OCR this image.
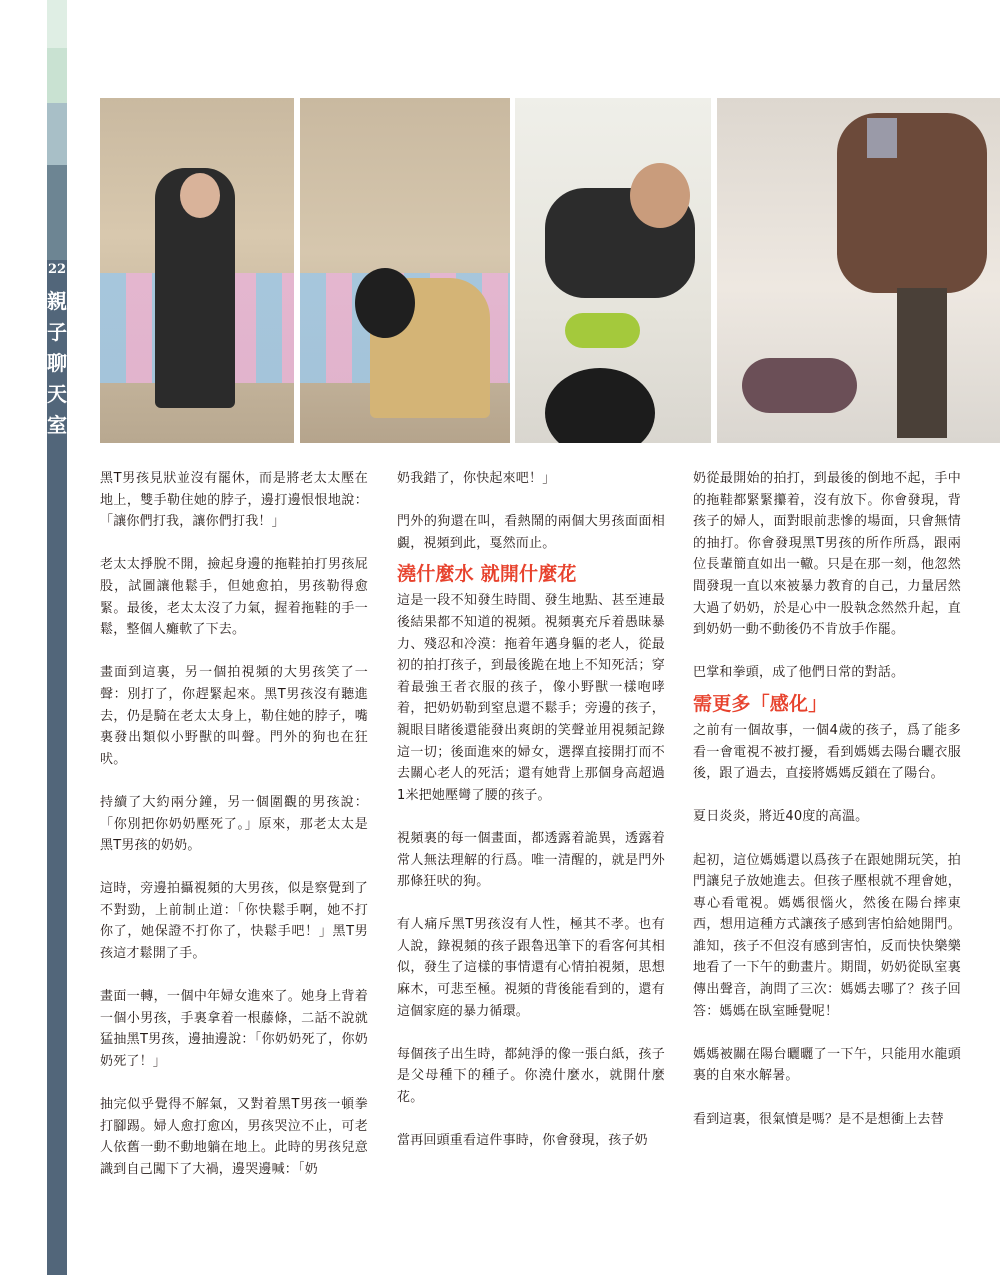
22
親
子
聊
天
室

黑T男孩見狀並沒有罷休，而是將老太太壓在地上，雙手勒住她的脖子，邊打邊恨恨地說：「讓你們打我，讓你們打我！」

老太太掙脫不開，撿起身邊的拖鞋拍打男孩屁股，試圖讓他鬆手，但她愈拍，男孩勒得愈緊。最後，老太太沒了力氣，握着拖鞋的手一鬆，整個人癱軟了下去。

畫面到這裏，另一個拍視頻的大男孩笑了一聲：別打了，你趕緊起來。黑T男孩沒有聽進去，仍是騎在老太太身上，勒住她的脖子，嘴裏發出類似小野獸的叫聲。門外的狗也在狂吠。

持續了大約兩分鐘，另一個圍觀的男孩說：「你別把你奶奶壓死了。」原來，那老太太是黑T男孩的奶奶。

這時，旁邊拍攝視頻的大男孩，似是察覺到了不對勁，上前制止道：「你快鬆手啊，她不打你了，她保證不打你了，快鬆手吧！」黑T男孩這才鬆開了手。

畫面一轉，一個中年婦女進來了。她身上背着一個小男孩，手裏拿着一根藤條，二話不說就猛抽黑T男孩，邊抽邊說：「你奶奶死了，你奶奶死了！」

抽完似乎覺得不解氣，又對着黑T男孩一頓拳打腳踢。婦人愈打愈凶，男孩哭泣不止，可老人依舊一動不動地躺在地上。此時的男孩兒意識到自己闖下了大禍，邊哭邊喊：「奶

奶我錯了，你快起來吧！」

門外的狗還在叫，看熱鬧的兩個大男孩面面相覷，視頻到此，戛然而止。

澆什麼水 就開什麼花

這是一段不知發生時間、發生地點、甚至連最後結果都不知道的視頻。視頻裏充斥着愚昧暴力、殘忍和冷漠：拖着年邁身軀的老人，從最初的拍打孩子，到最後跪在地上不知死活；穿着最強王者衣服的孩子，像小野獸一樣咆哮着，把奶奶勒到窒息還不鬆手；旁邊的孩子，親眼目睹後還能發出爽朗的笑聲並用視頻記錄這一切；後面進來的婦女，選擇直接開打而不去關心老人的死活；還有她背上那個身高超過1米把她壓彎了腰的孩子。

視頻裏的每一個畫面，都透露着詭異，透露着常人無法理解的行爲。唯一清醒的，就是門外那條狂吠的狗。

有人痛斥黑T男孩沒有人性，極其不孝。也有人說，錄視頻的孩子跟魯迅筆下的看客何其相似，發生了這樣的事情還有心情拍視頻，思想麻木，可悲至極。視頻的背後能看到的，還有這個家庭的暴力循環。

每個孩子出生時，都純淨的像一張白紙，孩子是父母種下的種子。你澆什麼水，就開什麼花。

當再回頭重看這件事時，你會發現，孩子奶

奶從最開始的拍打，到最後的倒地不起，手中的拖鞋都緊緊攥着，沒有放下。你會發現，背孩子的婦人，面對眼前悲慘的場面，只會無情的抽打。你會發現黑T男孩的所作所爲，跟兩位長輩簡直如出一轍。只是在那一刻，他忽然間發現一直以來被暴力教育的自己，力量居然大過了奶奶，於是心中一股執念然然升起，直到奶奶一動不動後仍不肯放手作罷。

巴掌和拳頭，成了他們日常的對話。

需更多「感化」

之前有一個故事，一個4歲的孩子，爲了能多看一會電視不被打擾，看到媽媽去陽台曬衣服後，跟了過去，直接將媽媽反鎖在了陽台。

夏日炎炎，將近40度的高溫。

起初，這位媽媽還以爲孩子在跟她開玩笑，拍門讓兒子放她進去。但孩子壓根就不理會她，專心看電視。媽媽很惱火，然後在陽台摔東西，想用這種方式讓孩子感到害怕給她開門。誰知，孩子不但沒有感到害怕，反而快快樂樂地看了一下午的動畫片。期間，奶奶從臥室裏傳出聲音，詢問了三次：媽媽去哪了？孩子回答：媽媽在臥室睡覺呢！

媽媽被關在陽台曬曬了一下午，只能用水龍頭裏的自來水解暑。

看到這裏，很氣憤是嗎？是不是想衝上去替
